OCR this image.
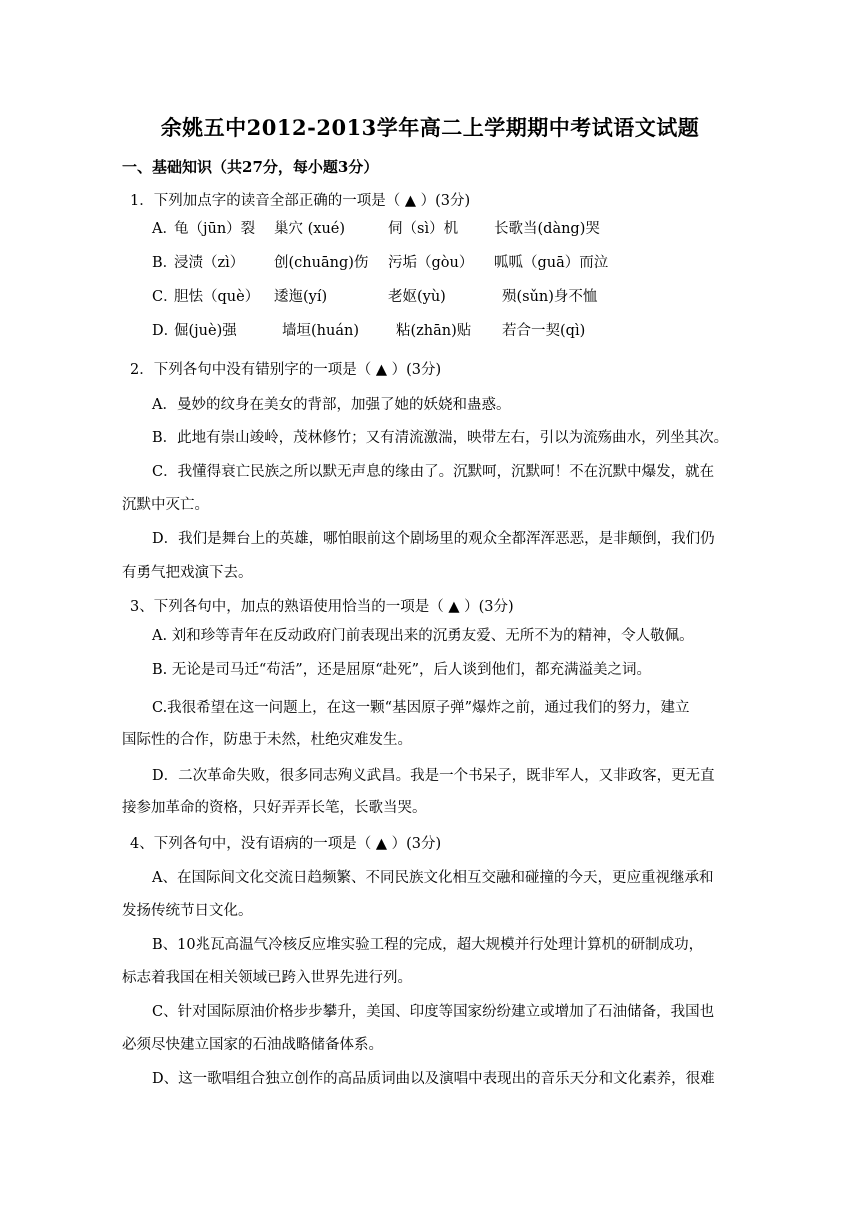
余姚五中2012-2013学年高二上学期期中考试语文试题
一、基础知识（共27分，每小题3分）
1．下列加点字的读音全部正确的一项是（ ▲ ）(3分)
A．
龟（jūn）裂 巢穴 (xué)	伺（sì）机 长歌当(dàng)哭
B．
浸渍（zì） 创(chuāng)伤 污垢（gòu） 呱呱（guā）而泣
C．
胆怯（què） 逶迤(yí)	老妪(yù)	殒(sǔn)身不恤
D．
倔(juè)强	墙垣(huán)	粘(zhān)贴 若合一契(qì)
2．下列各句中没有错别字的一项是（ ▲ ）(3分)
A．曼妙的纹身在美女的背部，加强了她的妖娆和蛊惑。
B．此地有崇山竣岭，茂林修竹；又有清流激湍，映带左右，引以为流殇曲水，列坐其次。
C．我懂得衰亡民族之所以默无声息的缘由了。沉默呵，沉默呵！不在沉默中爆发，就在
沉默中灭亡。
D．我们是舞台上的英雄，哪怕眼前这个剧场里的观众全都浑浑恶恶，是非颠倒，我们仍
有勇气把戏演下去。
3、下列各句中，加点的熟语使用恰当的一项是（ ▲ ）(3分)
A. 刘和珍等青年在反动政府门前表现出来的沉勇友爱、无所不为的精神，令人敬佩。
B. 无论是司马迁“苟活”，还是屈原“赴死”，后人谈到他们，都充满溢美之词。
C.我很希望在这一问题上，在这一颗“基因原子弹”爆炸之前，通过我们的努力，建立
国际性的合作，防患于未然，杜绝灾难发生。
D．二次革命失败，很多同志殉义武昌。我是一个书呆子，既非军人，又非政客，更无直
接参加革命的资格，只好弄弄长笔，长歌当哭。
4、下列各句中，没有语病的一项是（ ▲ ）(3分)
A、在国际间文化交流日趋频繁、不同民族文化相互交融和碰撞的今天，更应重视继承和
发扬传统节日文化。
B、10兆瓦高温气冷核反应堆实验工程的完成，超大规模并行处理计算机的研制成功，
标志着我国在相关领域已跨入世界先进行列。
C、针对国际原油价格步步攀升，美国、印度等国家纷纷建立或增加了石油储备，我国也
必须尽快建立国家的石油战略储备体系。
D、这一歌唱组合独立创作的高品质词曲以及演唱中表现出的音乐天分和文化素养，很难
